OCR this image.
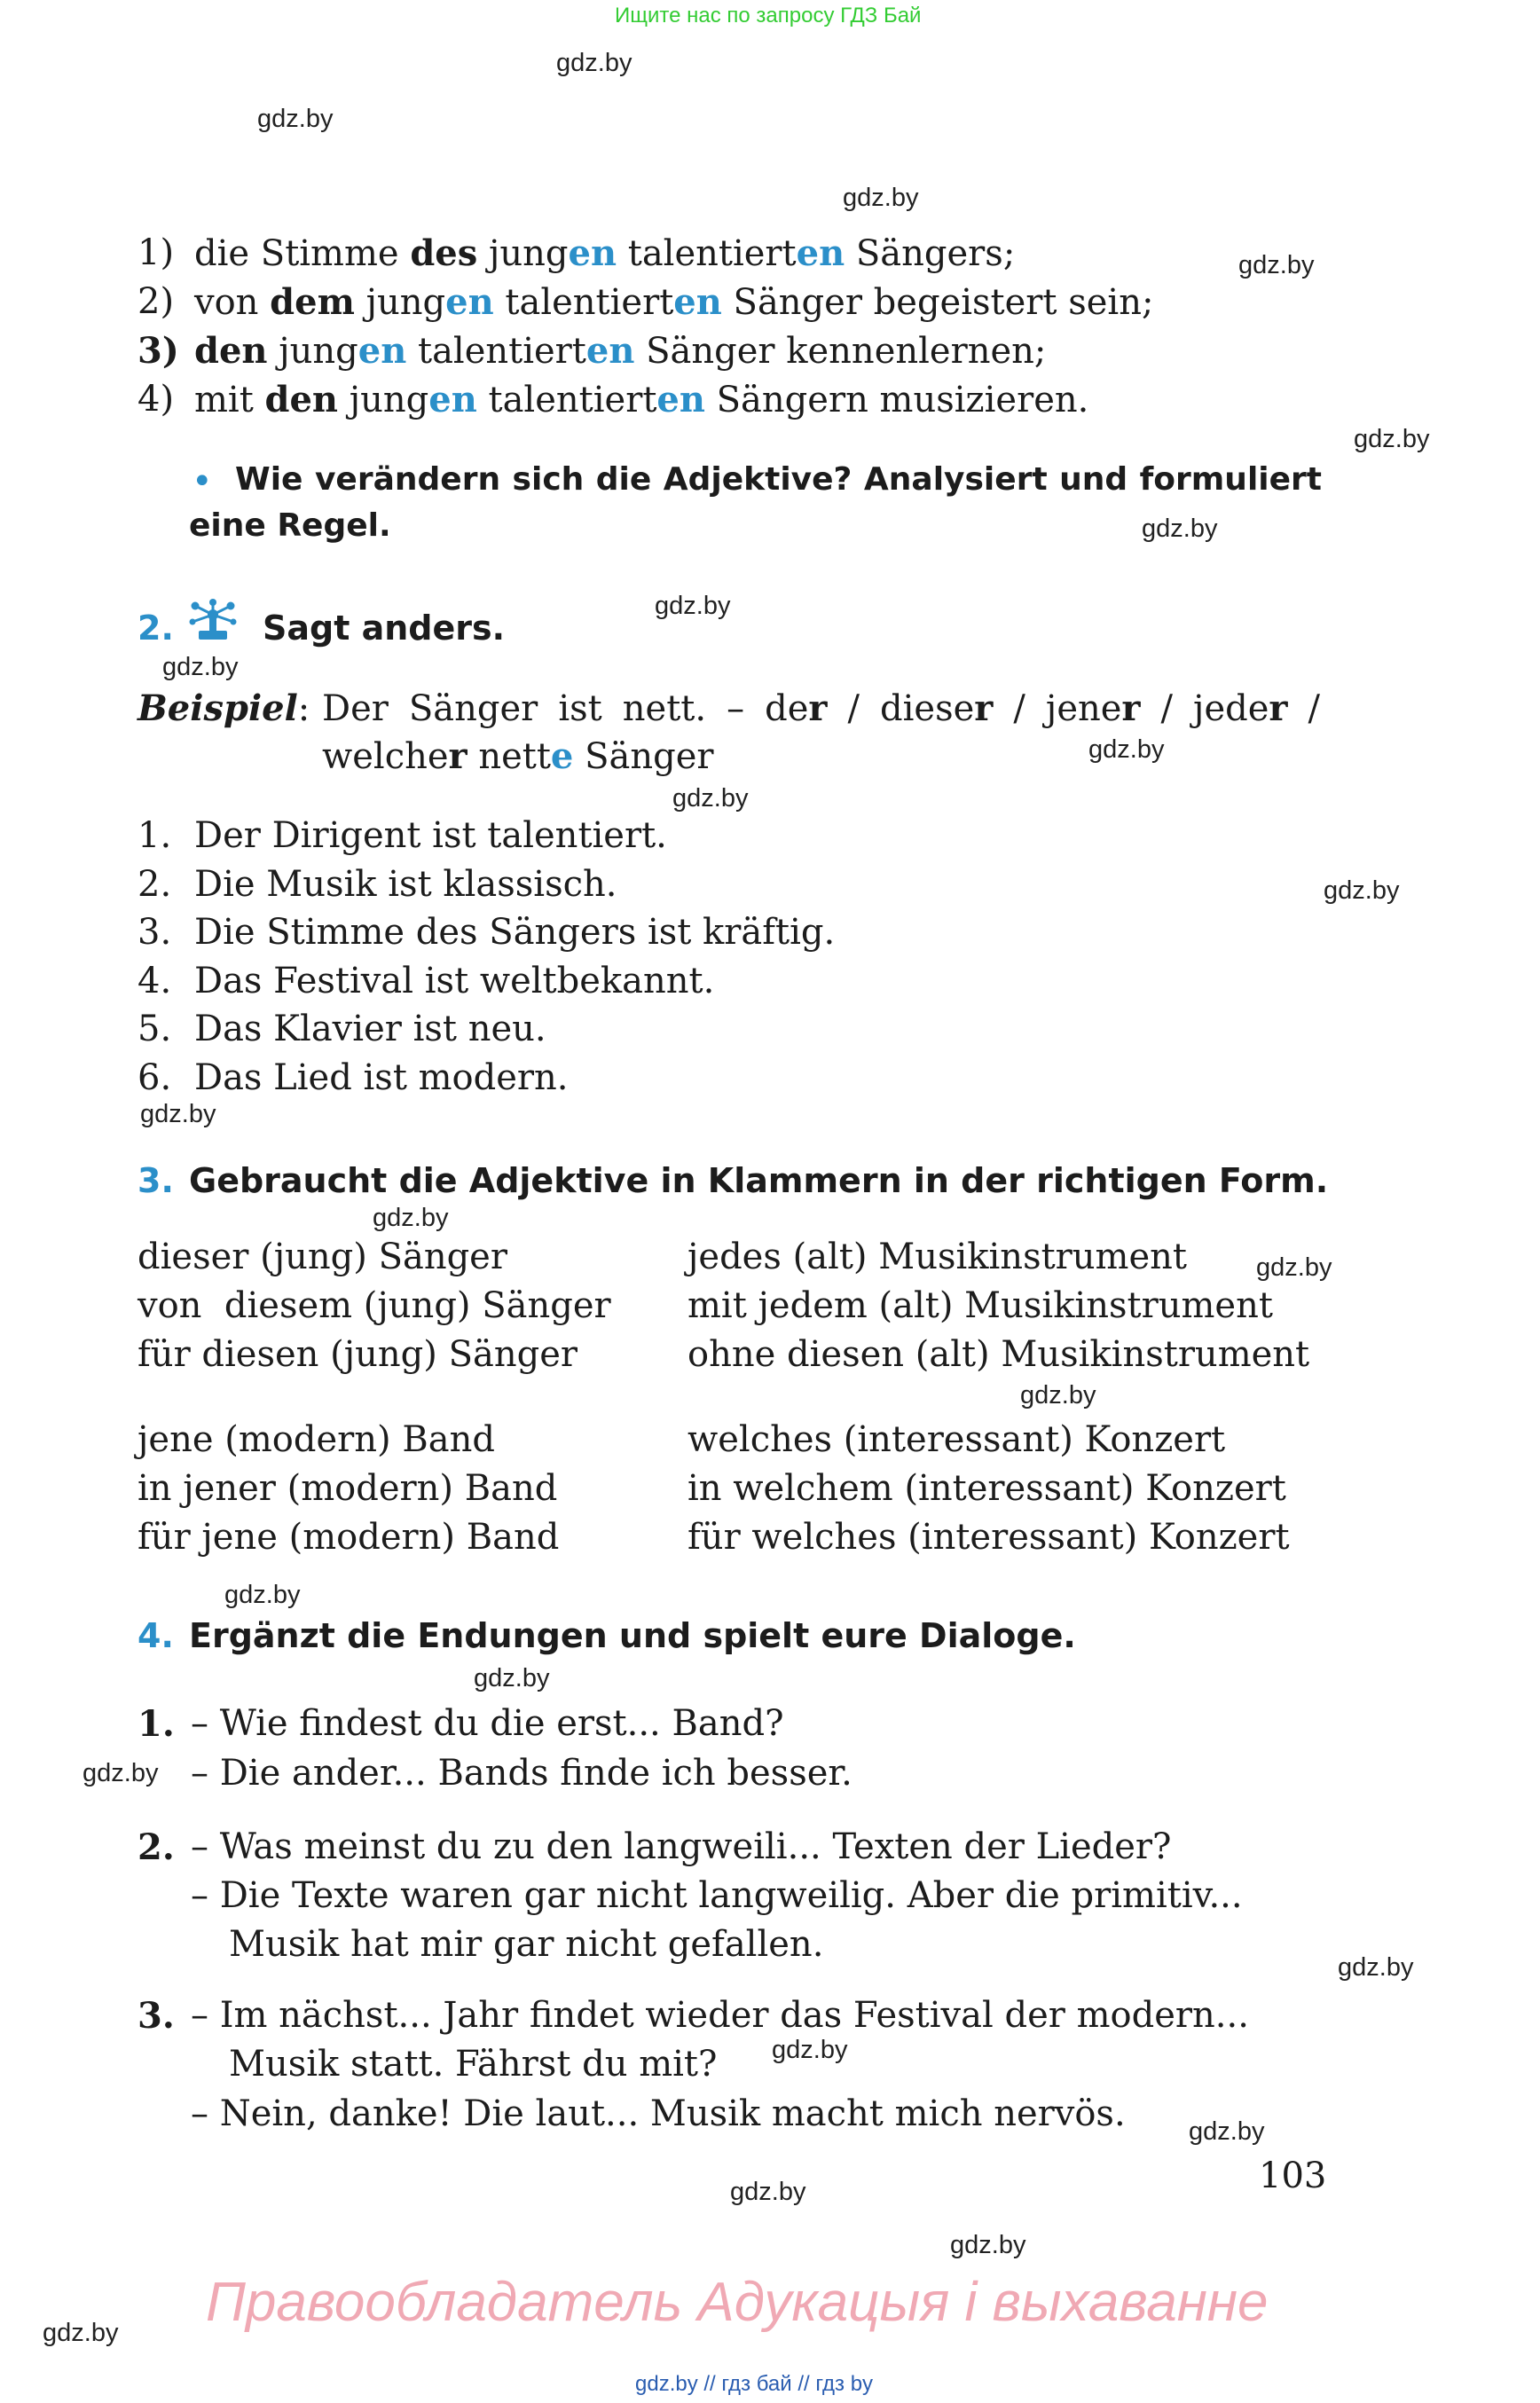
Ищите нас по запросу ГДЗ Бай
gdz.by
gdz.by
gdz.by
gdz.by
gdz.by
gdz.by
gdz.by
gdz.by
gdz.by
gdz.by
gdz.by
gdz.by
gdz.by
gdz.by
gdz.by
gdz.by
gdz.by
gdz.by
gdz.by
gdz.by
gdz.by
gdz.by
gdz.by
gdz.by
1) die Stimme des jungen talentierten Sängers;
2) von dem jungen talentierten Sänger begeistert sein;
3) den jungen talentierten Sänger kennenlernen;
4) mit den jungen talentierten Sängern musizieren.
• Wie verändern sich die Adjektive? Analysiert und formuliert
eine Regel.
2.	Sagt anders.
Beispiel: Der Sänger ist nett. – der / dieser / jener / jeder /
welcher nette Sänger
1. Der Dirigent ist talentiert.
2. Die Musik ist klassisch.
3. Die Stimme des Sängers ist kräftig.
4. Das Festival ist weltbekannt.
5. Das Klavier ist neu.
6. Das Lied ist modern.
3. Gebraucht die Adjektive in Klammern in der richtigen Form.
dieser (jung) Sänger
von  diesem (jung) Sänger
für diesen (jung) Sänger
jene (modern) Band
in jener (modern) Band
für jene (modern) Band
jedes (alt) Musikinstrument
mit jedem (alt) Musikinstrument
ohne diesen (alt) Musikinstrument
welches (interessant) Konzert
in welchem (interessant) Konzert
für welches (interessant) Konzert
4. Ergänzt die Endungen und spielt eure Dialoge.
1. – Wie findest du die erst... Band?
– Die ander... Bands finde ich besser.
2. – Was meinst du zu den langweili... Texten der Lieder?
– Die Texte waren gar nicht langweilig. Aber die primitiv...
Musik hat mir gar nicht gefallen.
3. – Im nächst... Jahr findet wieder das Festival der modern...
Musik statt. Fährst du mit?
– Nein, danke! Die laut... Musik macht mich nervös.
103
Правообладатель Адукацыя і выхаванне
gdz.by // гдз бай // гдз by
